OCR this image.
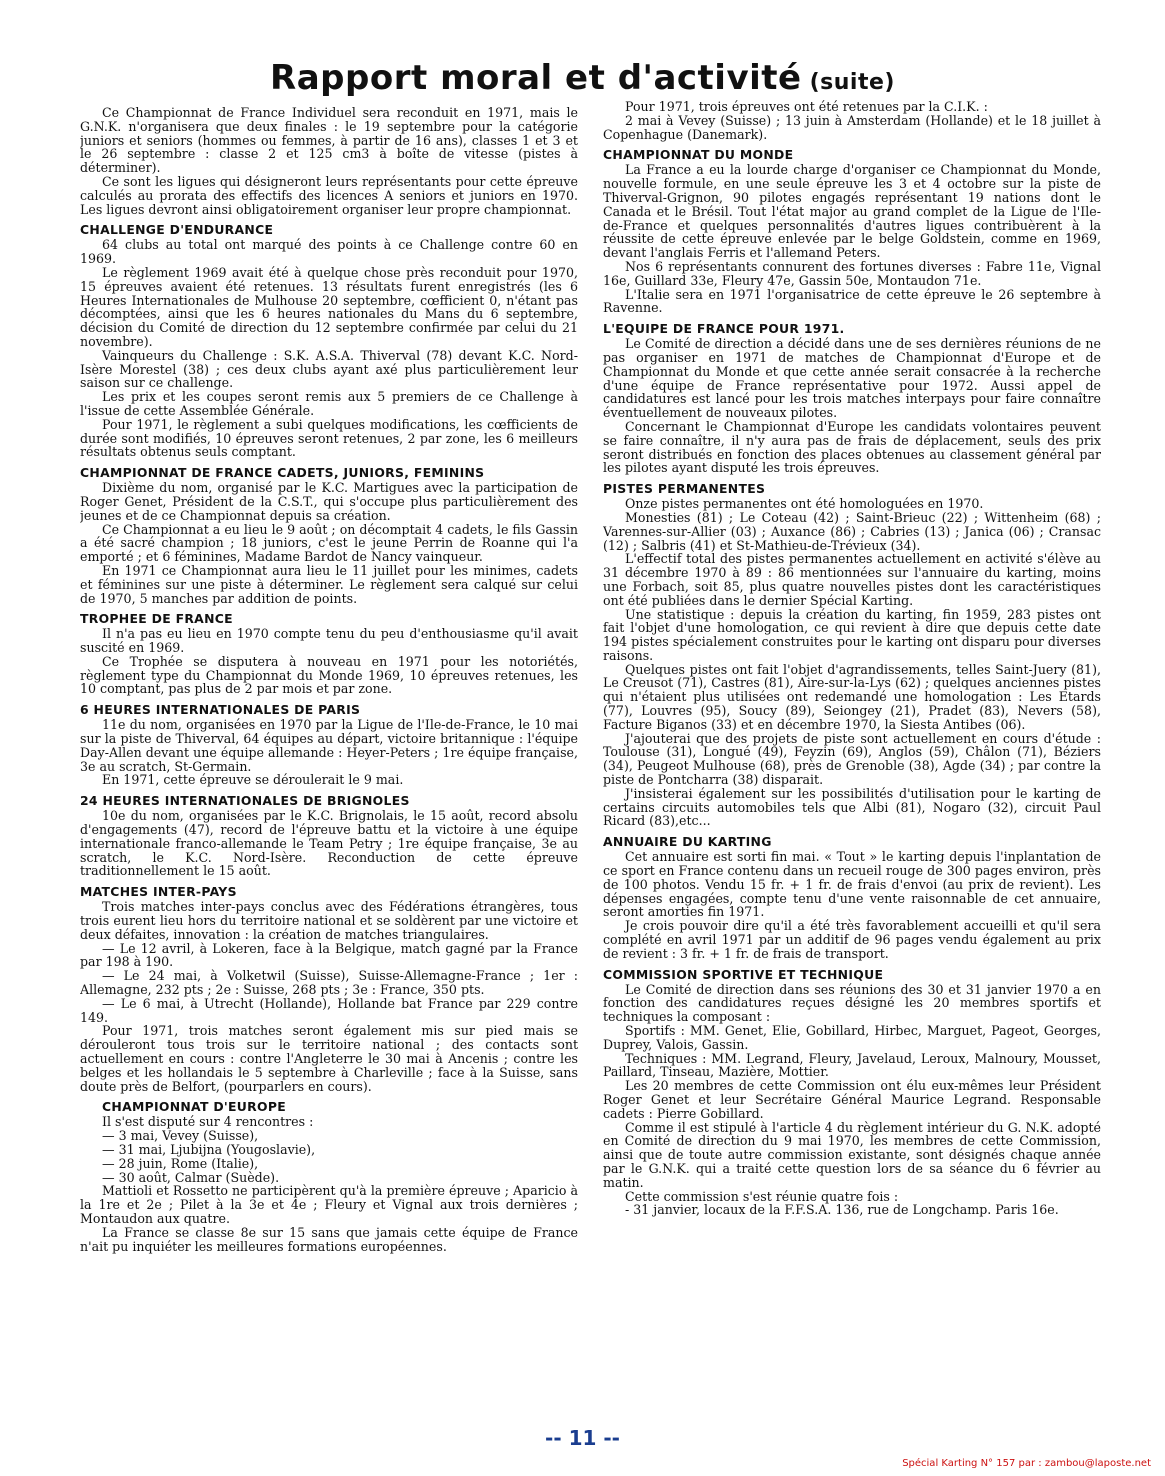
Rapport moral et d'activité (suite)

Ce Championnat de France Individuel sera reconduit en 1971, mais le G.N.K. n'organisera que deux finales : le 19 septembre pour la catégorie juniors et seniors (hommes ou femmes, à partir de 16 ans), classes 1 et 3 et le 26 septembre : classe 2 et 125 cm3 à boîte de vitesse (pistes à déterminer).

Ce sont les ligues qui désigneront leurs représentants pour cette épreuve calculés au prorata des effectifs des licences A seniors et juniors en 1970. Les ligues devront ainsi obligatoirement organiser leur propre championnat.

CHALLENGE D'ENDURANCE

64 clubs au total ont marqué des points à ce Challenge contre 60 en 1969.

Le règlement 1969 avait été à quelque chose près reconduit pour 1970, 15 épreuves avaient été retenues. 13 résultats furent enregistrés (les 6 Heures Internationales de Mulhouse 20 septembre, cœfficient 0, n'étant pas décomptées, ainsi que les 6 heures nationales du Mans du 6 septembre, décision du Comité de direction du 12 septembre confirmée par celui du 21 novembre).

Vainqueurs du Challenge : S.K. A.S.A. Thiverval (78) devant K.C. Nord-Isère Morestel (38) ; ces deux clubs ayant axé plus particulièrement leur saison sur ce challenge.

Les prix et les coupes seront remis aux 5 premiers de ce Challenge à l'issue de cette Assemblée Générale.

Pour 1971, le règlement a subi quelques modifications, les cœfficients de durée sont modifiés, 10 épreuves seront retenues, 2 par zone, les 6 meilleurs résultats obtenus seuls comptant.

CHAMPIONNAT DE FRANCE CADETS, JUNIORS, FEMININS

Dixième du nom, organisé par le K.C. Martigues avec la participation de Roger Genet, Président de la C.S.T., qui s'occupe plus particulièrement des jeunes et de ce Championnat depuis sa création.

Ce Championnat a eu lieu le 9 août ; on décomptait 4 cadets, le fils Gassin a été sacré champion ; 18 juniors, c'est le jeune Perrin de Roanne qui l'a emporté ; et 6 féminines, Madame Bardot de Nancy vainqueur.

En 1971 ce Championnat aura lieu le 11 juillet pour les minimes, cadets et féminines sur une piste à déterminer. Le règlement sera calqué sur celui de 1970, 5 manches par addition de points.

TROPHEE DE FRANCE

Il n'a pas eu lieu en 1970 compte tenu du peu d'enthousiasme qu'il avait suscité en 1969.

Ce Trophée se disputera à nouveau en 1971 pour les notoriétés, règlement type du Championnat du Monde 1969, 10 épreuves retenues, les 10 comptant, pas plus de 2 par mois et par zone.

6 HEURES INTERNATIONALES DE PARIS

11e du nom, organisées en 1970 par la Ligue de l'Ile-de-France, le 10 mai sur la piste de Thiverval, 64 équipes au départ, victoire britannique : l'équipe Day-Allen devant une équipe allemande : Heyer-Peters ; 1re équipe française, 3e au scratch, St-Germain.

En 1971, cette épreuve se déroulerait le 9 mai.

24 HEURES INTERNATIONALES DE BRIGNOLES

10e du nom, organisées par le K.C. Brignolais, le 15 août, record absolu d'engagements (47), record de l'épreuve battu et la victoire à une équipe internationale franco-allemande le Team Petry ; 1re équipe française, 3e au scratch, le K.C. Nord-Isère. Reconduction de cette épreuve traditionnellement le 15 août.

MATCHES INTER-PAYS

Trois matches inter-pays conclus avec des Fédérations étrangères, tous trois eurent lieu hors du territoire national et se soldèrent par une victoire et deux défaites, innovation : la création de matches triangulaires.

— Le 12 avril, à Lokeren, face à la Belgique, match gagné par la France par 198 à 190.

— Le 24 mai, à Volketwil (Suisse), Suisse-Allemagne-France ; 1er : Allemagne, 232 pts ; 2e : Suisse, 268 pts ; 3e : France, 350 pts.

— Le 6 mai, à Utrecht (Hollande), Hollande bat France par 229 contre 149.

Pour 1971, trois matches seront également mis sur pied mais se dérouleront tous trois sur le territoire national ; des contacts sont actuellement en cours : contre l'Angleterre le 30 mai à Ancenis ; contre les belges et les hollandais le 5 septembre à Charleville ; face à la Suisse, sans doute près de Belfort, (pourparlers en cours).

CHAMPIONNAT D'EUROPE

Il s'est disputé sur 4 rencontres :

— 3 mai, Vevey (Suisse),

— 31 mai, Ljubijna (Yougoslavie),

— 28 juin, Rome (Italie),

— 30 août, Calmar (Suède).

Mattioli et Rossetto ne participèrent qu'à la première épreuve ; Aparicio à la 1re et 2e ; Pilet à la 3e et 4e ; Fleury et Vignal aux trois dernières ; Montaudon aux quatre.

La France se classe 8e sur 15 sans que jamais cette équipe de France n'ait pu inquiéter les meilleures formations européennes.

Pour 1971, trois épreuves ont été retenues par la C.I.K. :

2 mai à Vevey (Suisse) ; 13 juin à Amsterdam (Hollande) et le 18 juillet à Copenhague (Danemark).

CHAMPIONNAT DU MONDE

La France a eu la lourde charge d'organiser ce Championnat du Monde, nouvelle formule, en une seule épreuve les 3 et 4 octobre sur la piste de Thiverval-Grignon, 90 pilotes engagés représentant 19 nations dont le Canada et le Brésil. Tout l'état major au grand complet de la Ligue de l'Ile-de-France et quelques personnalités d'autres ligues contribuèrent à la réussite de cette épreuve enlevée par le belge Goldstein, comme en 1969, devant l'anglais Ferris et l'allemand Peters.

Nos 6 représentants connurent des fortunes diverses : Fabre 11e, Vignal 16e, Guillard 33e, Fleury 47e, Gassin 50e, Montaudon 71e.

L'Italie sera en 1971 l'organisatrice de cette épreuve le 26 septembre à Ravenne.

L'EQUIPE DE FRANCE POUR 1971.

Le Comité de direction a décidé dans une de ses dernières réunions de ne pas organiser en 1971 de matches de Championnat d'Europe et de Championnat du Monde et que cette année serait consacrée à la recherche d'une équipe de France représentative pour 1972. Aussi appel de candidatures est lancé pour les trois matches interpays pour faire connaître éventuellement de nouveaux pilotes.

Concernant le Championnat d'Europe les candidats volontaires peuvent se faire connaître, il n'y aura pas de frais de déplacement, seuls des prix seront distribués en fonction des places obtenues au classement général par les pilotes ayant disputé les trois épreuves.

PISTES PERMANENTES

Onze pistes permanentes ont été homologuées en 1970.

Monesties (81) ; Le Coteau (42) ; Saint-Brieuc (22) ; Wittenheim (68) ; Varennes-sur-Allier (03) ; Auxance (86) ; Cabries (13) ; Janica (06) ; Cransac (12) ; Salbris (41) et St-Mathieu-de-Trévieux (34).

L'effectif total des pistes permanentes actuellement en activité s'élève au 31 décembre 1970 à 89 : 86 mentionnées sur l'annuaire du karting, moins une Forbach, soit 85, plus quatre nouvelles pistes dont les caractéristiques ont été publiées dans le dernier Spécial Karting.

Une statistique : depuis la création du karting, fin 1959, 283 pistes ont fait l'objet d'une homologation, ce qui revient à dire que depuis cette date 194 pistes spécialement construites pour le karting ont disparu pour diverses raisons.

Quelques pistes ont fait l'objet d'agrandissements, telles Saint-Juery (81), Le Creusot (71), Castres (81), Aire-sur-la-Lys (62) ; quelques anciennes pistes qui n'étaient plus utilisées ont redemandé une homologation : Les Etards (77), Louvres (95), Soucy (89), Seiongey (21), Pradet (83), Nevers (58), Facture Biganos (33) et en décembre 1970, la Siesta Antibes (06).

J'ajouterai que des projets de piste sont actuellement en cours d'étude : Toulouse (31), Longué (49), Feyzin (69), Anglos (59), Châlon (71), Béziers (34), Peugeot Mulhouse (68), près de Grenoble (38), Agde (34) ; par contre la piste de Pontcharra (38) disparait.

J'insisterai également sur les possibilités d'utilisation pour le karting de certains circuits automobiles tels que Albi (81), Nogaro (32), circuit Paul Ricard (83),etc...

ANNUAIRE DU KARTING

Cet annuaire est sorti fin mai. « Tout » le karting depuis l'inplantation de ce sport en France contenu dans un recueil rouge de 300 pages environ, près de 100 photos. Vendu 15 fr. + 1 fr. de frais d'envoi (au prix de revient). Les dépenses engagées, compte tenu d'une vente raisonnable de cet annuaire, seront amorties fin 1971.

Je crois pouvoir dire qu'il a été très favorablement accueilli et qu'il sera complété en avril 1971 par un additif de 96 pages vendu également au prix de revient : 3 fr. + 1 fr. de frais de transport.

COMMISSION SPORTIVE ET TECHNIQUE

Le Comité de direction dans ses réunions des 30 et 31 janvier 1970 a en fonction des candidatures reçues désigné les 20 membres sportifs et techniques la composant :

Sportifs : MM. Genet, Elie, Gobillard, Hirbec, Marguet, Pageot, Georges, Duprey, Valois, Gassin.

Techniques : MM. Legrand, Fleury, Javelaud, Leroux, Malnoury, Mousset, Paillard, Tinseau, Mazière, Mottier.

Les 20 membres de cette Commission ont élu eux-mêmes leur Président Roger Genet et leur Secrétaire Général Maurice Legrand. Responsable cadets : Pierre Gobillard.

Comme il est stipulé à l'article 4 du règlement intérieur du G. N.K. adopté en Comité de direction du 9 mai 1970, les membres de cette Commission, ainsi que de toute autre commission existante, sont désignés chaque année par le G.N.K. qui a traité cette question lors de sa séance du 6 février au matin.

Cette commission s'est réunie quatre fois :

- 31 janvier, locaux de la F.F.S.A. 136, rue de Longchamp. Paris 16e.

-- 11 --
Spécial Karting N° 157 par : zambou@laposte.net
